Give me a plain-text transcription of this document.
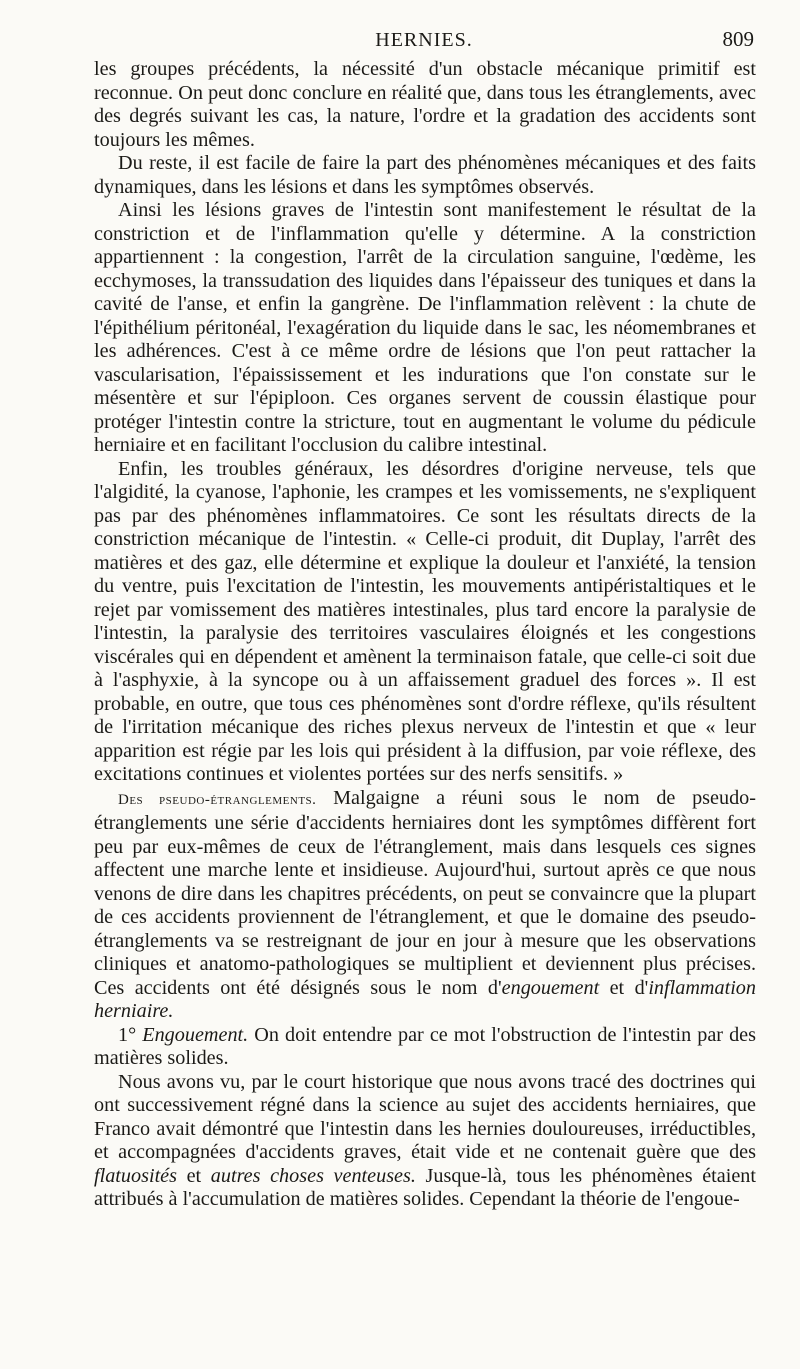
HERNIES.	809

les groupes précédents, la nécessité d'un obstacle mécanique primitif est reconnue. On peut donc conclure en réalité que, dans tous les étranglements, avec des degrés suivant les cas, la nature, l'ordre et la gradation des accidents sont toujours les mêmes.

Du reste, il est facile de faire la part des phénomènes mécaniques et des faits dynamiques, dans les lésions et dans les symptômes observés.

Ainsi les lésions graves de l'intestin sont manifestement le résultat de la constriction et de l'inflammation qu'elle y détermine. A la constriction appartiennent : la congestion, l'arrêt de la circulation sanguine, l'œdème, les ecchymoses, la transsudation des liquides dans l'épaisseur des tuniques et dans la cavité de l'anse, et enfin la gangrène. De l'inflammation relèvent : la chute de l'épithélium péritonéal, l'exagération du liquide dans le sac, les néomembranes et les adhérences. C'est à ce même ordre de lésions que l'on peut rattacher la vascularisation, l'épaississement et les indurations que l'on constate sur le mésentère et sur l'épiploon. Ces organes servent de coussin élastique pour protéger l'intestin contre la stricture, tout en augmentant le volume du pédicule herniaire et en facilitant l'occlusion du calibre intestinal.

Enfin, les troubles généraux, les désordres d'origine nerveuse, tels que l'algidité, la cyanose, l'aphonie, les crampes et les vomissements, ne s'expliquent pas par des phénomènes inflammatoires. Ce sont les résultats directs de la constriction mécanique de l'intestin. « Celle-ci produit, dit Duplay, l'arrêt des matières et des gaz, elle détermine et explique la douleur et l'anxiété, la tension du ventre, puis l'excitation de l'intestin, les mouvements antipéristaltiques et le rejet par vomissement des matières intestinales, plus tard encore la paralysie de l'intestin, la paralysie des territoires vasculaires éloignés et les congestions viscérales qui en dépendent et amènent la terminaison fatale, que celle-ci soit due à l'asphyxie, à la syncope ou à un affaissement graduel des forces ». Il est probable, en outre, que tous ces phénomènes sont d'ordre réflexe, qu'ils résultent de l'irritation mécanique des riches plexus nerveux de l'intestin et que « leur apparition est régie par les lois qui président à la diffusion, par voie réflexe, des excitations continues et violentes portées sur des nerfs sensitifs. »

Des pseudo-étranglements. Malgaigne a réuni sous le nom de pseudo-étranglements une série d'accidents herniaires dont les symptômes diffèrent fort peu par eux-mêmes de ceux de l'étranglement, mais dans lesquels ces signes affectent une marche lente et insidieuse. Aujourd'hui, surtout après ce que nous venons de dire dans les chapitres précédents, on peut se convaincre que la plupart de ces accidents proviennent de l'étranglement, et que le domaine des pseudo-étranglements va se restreignant de jour en jour à mesure que les observations cliniques et anatomo-pathologiques se multiplient et deviennent plus précises. Ces accidents ont été désignés sous le nom d'engouement et d'inflammation herniaire.

1° Engouement. On doit entendre par ce mot l'obstruction de l'intestin par des matières solides.

Nous avons vu, par le court historique que nous avons tracé des doctrines qui ont successivement régné dans la science au sujet des accidents herniaires, que Franco avait démontré que l'intestin dans les hernies douloureuses, irréductibles, et accompagnées d'accidents graves, était vide et ne contenait guère que des flatuosités et autres choses venteuses. Jusque-là, tous les phénomènes étaient attribués à l'accumulation de matières solides. Cependant la théorie de l'engoue-
